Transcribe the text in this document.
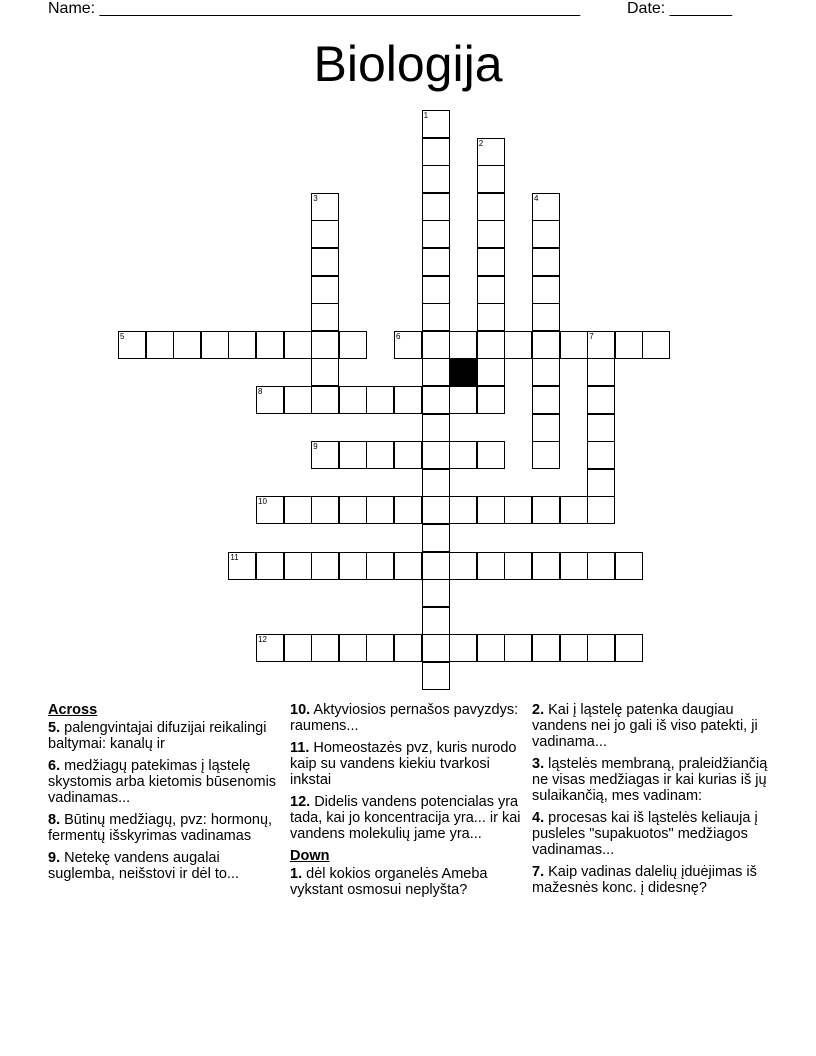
Name: ______________________________________________________	Date: _______
Biologija
1
2
3	4
5	6	7
8
9
10
11
12
Across
5. palengvintajai difuzijai reikalingi baltymai: kanalų ir
6. medžiagų patekimas į ląstelę skystomis arba kietomis būsenomis vadinamas...
8. Būtinų medžiagų, pvz: hormonų, fermentų išskyrimas vadinamas
9. Netekę vandens augalai suglemba, neišstovi ir dėl to...
10. Aktyviosios pernašos pavyzdys: raumens...
11. Homeostazės pvz, kuris nurodo kaip su vandens kiekiu tvarkosi inkstai
12. Didelis vandens potencialas yra tada, kai jo koncentracija yra... ir kai vandens molekulių jame yra...
Down
1. dėl kokios organelės Ameba vykstant osmosui neplyšta?
2. Kai į ląstelę patenka daugiau vandens nei jo gali iš viso patekti, ji vadinama...
3. ląstelės membraną, praleidžiančią ne visas medžiagas ir kai kurias iš jų sulaikančią, mes vadinam:
4. procesas kai iš ląstelės keliauja į pusleles "supakuotos" medžiagos vadinamas...
7. Kaip vadinas dalelių įduėjimas iš mažesnės konc. į didesnę?
